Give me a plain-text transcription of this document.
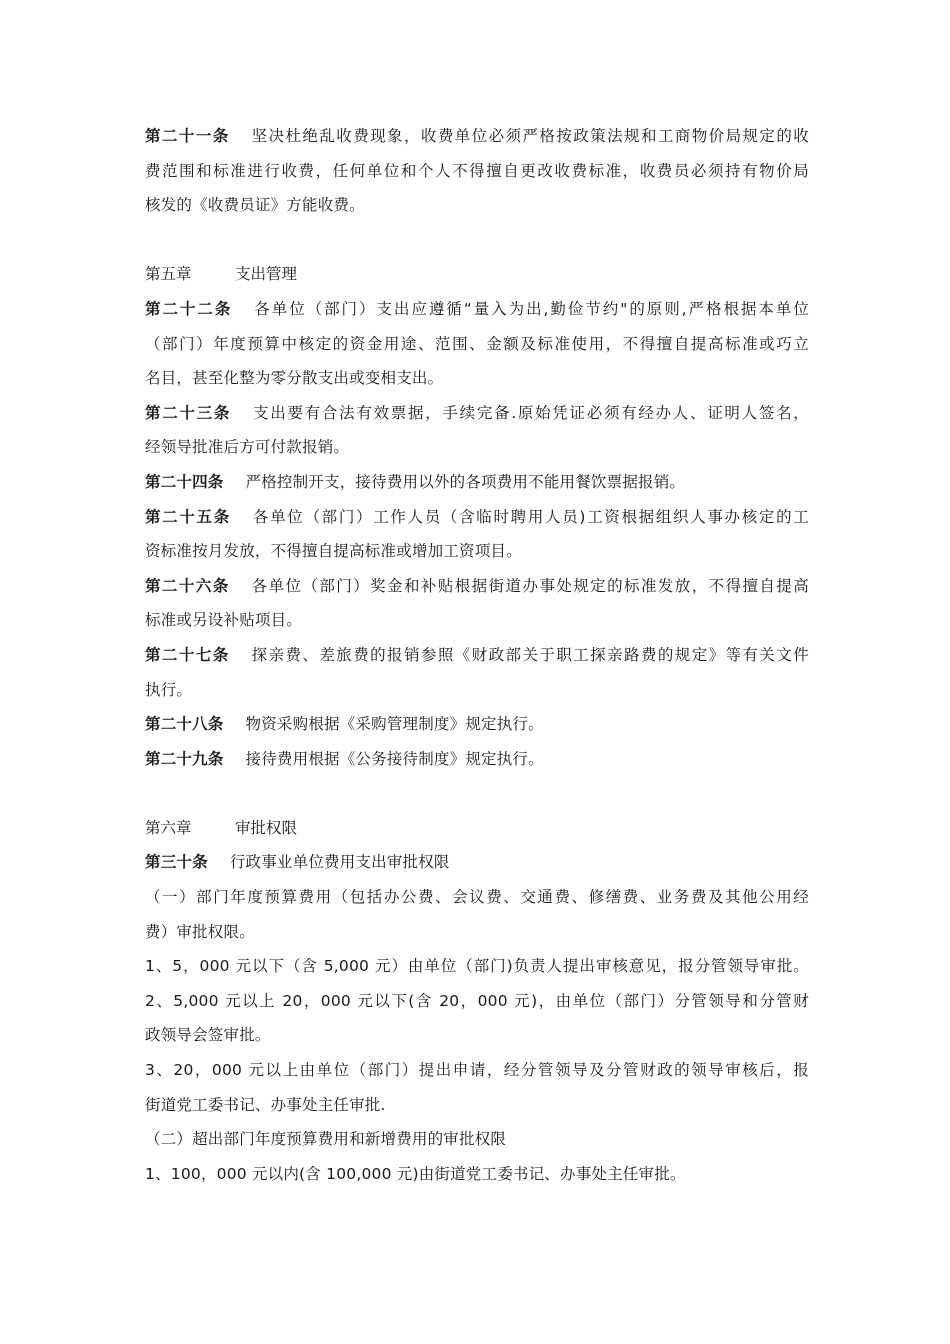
第二十一条 坚决杜绝乱收费现象，收费单位必须严格按政策法规和工商物价局规定的收
费范围和标准进行收费，任何单位和个人不得擅自更改收费标准，收费员必须持有物价局
核发的《收费员证》方能收费。
第五章	支出管理
第二十二条 各单位（部门）支出应遵循“量入为出,勤俭节约"的原则,严格根据本单位
（部门）年度预算中核定的资金用途、范围、金额及标准使用，不得擅自提高标准或巧立
名目，甚至化整为零分散支出或变相支出。
第二十三条 支出要有合法有效票据，手续完备.原始凭证必须有经办人、证明人签名，
经领导批准后方可付款报销。
第二十四条 严格控制开支，接待费用以外的各项费用不能用餐饮票据报销。
第二十五条 各单位（部门）工作人员（含临时聘用人员)工资根据组织人事办核定的工
资标准按月发放，不得擅自提高标准或增加工资项目。
第二十六条 各单位（部门）奖金和补贴根据街道办事处规定的标准发放，不得擅自提高
标准或另设补贴项目。
第二十七条 探亲费、差旅费的报销参照《财政部关于职工探亲路费的规定》等有关文件
执行。
第二十八条 物资采购根据《采购管理制度》规定执行。
第二十九条 接待费用根据《公务接待制度》规定执行。
第六章	审批权限
第三十条 行政事业单位费用支出审批权限
（一）部门年度预算费用（包括办公费、会议费、交通费、修缮费、业务费及其他公用经
费）审批权限。
1、5，000 元以下（含 5,000 元）由单位（部门)负责人提出审核意见，报分管领导审批。
2、5,000 元以上 20，000 元以下(含 20，000 元)，由单位（部门）分管领导和分管财
政领导会签审批。
3、20，000 元以上由单位（部门）提出申请，经分管领导及分管财政的领导审核后，报
街道党工委书记、办事处主任审批.
（二）超出部门年度预算费用和新增费用的审批权限
1、100，000 元以内(含 100,000 元)由街道党工委书记、办事处主任审批。
